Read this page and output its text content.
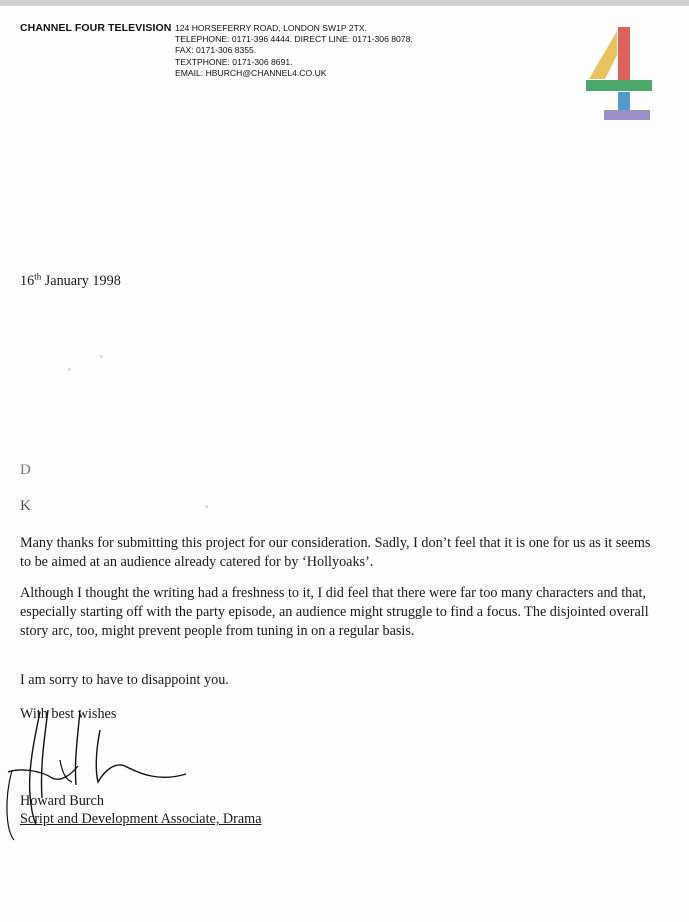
CHANNEL FOUR TELEVISION 124 HORSEFERRY ROAD, LONDON SW1P 2TX.
TELEPHONE: 0171-396 4444. DIRECT LINE: 0171-306 8078.
FAX: 0171-306 8355.
TEXTPHONE: 0171-306 8691.
EMAIL: HBURCH@CHANNEL4.CO.UK
16th January 1998
D
K

Many thanks for submitting this project for our consideration. Sadly, I don’t feel that it is one for us as it seems to be aimed at an audience already catered for by ‘Hollyoaks’.

Although I thought the writing had a freshness to it, I did feel that there were far too many characters and that, especially starting off with the party episode, an audience might struggle to find a focus. The disjointed overall story arc, too, might prevent people from tuning in on a regular basis.

I am sorry to have to disappoint you.

With best wishes
Howard Burch
Script and Development Associate, Drama
